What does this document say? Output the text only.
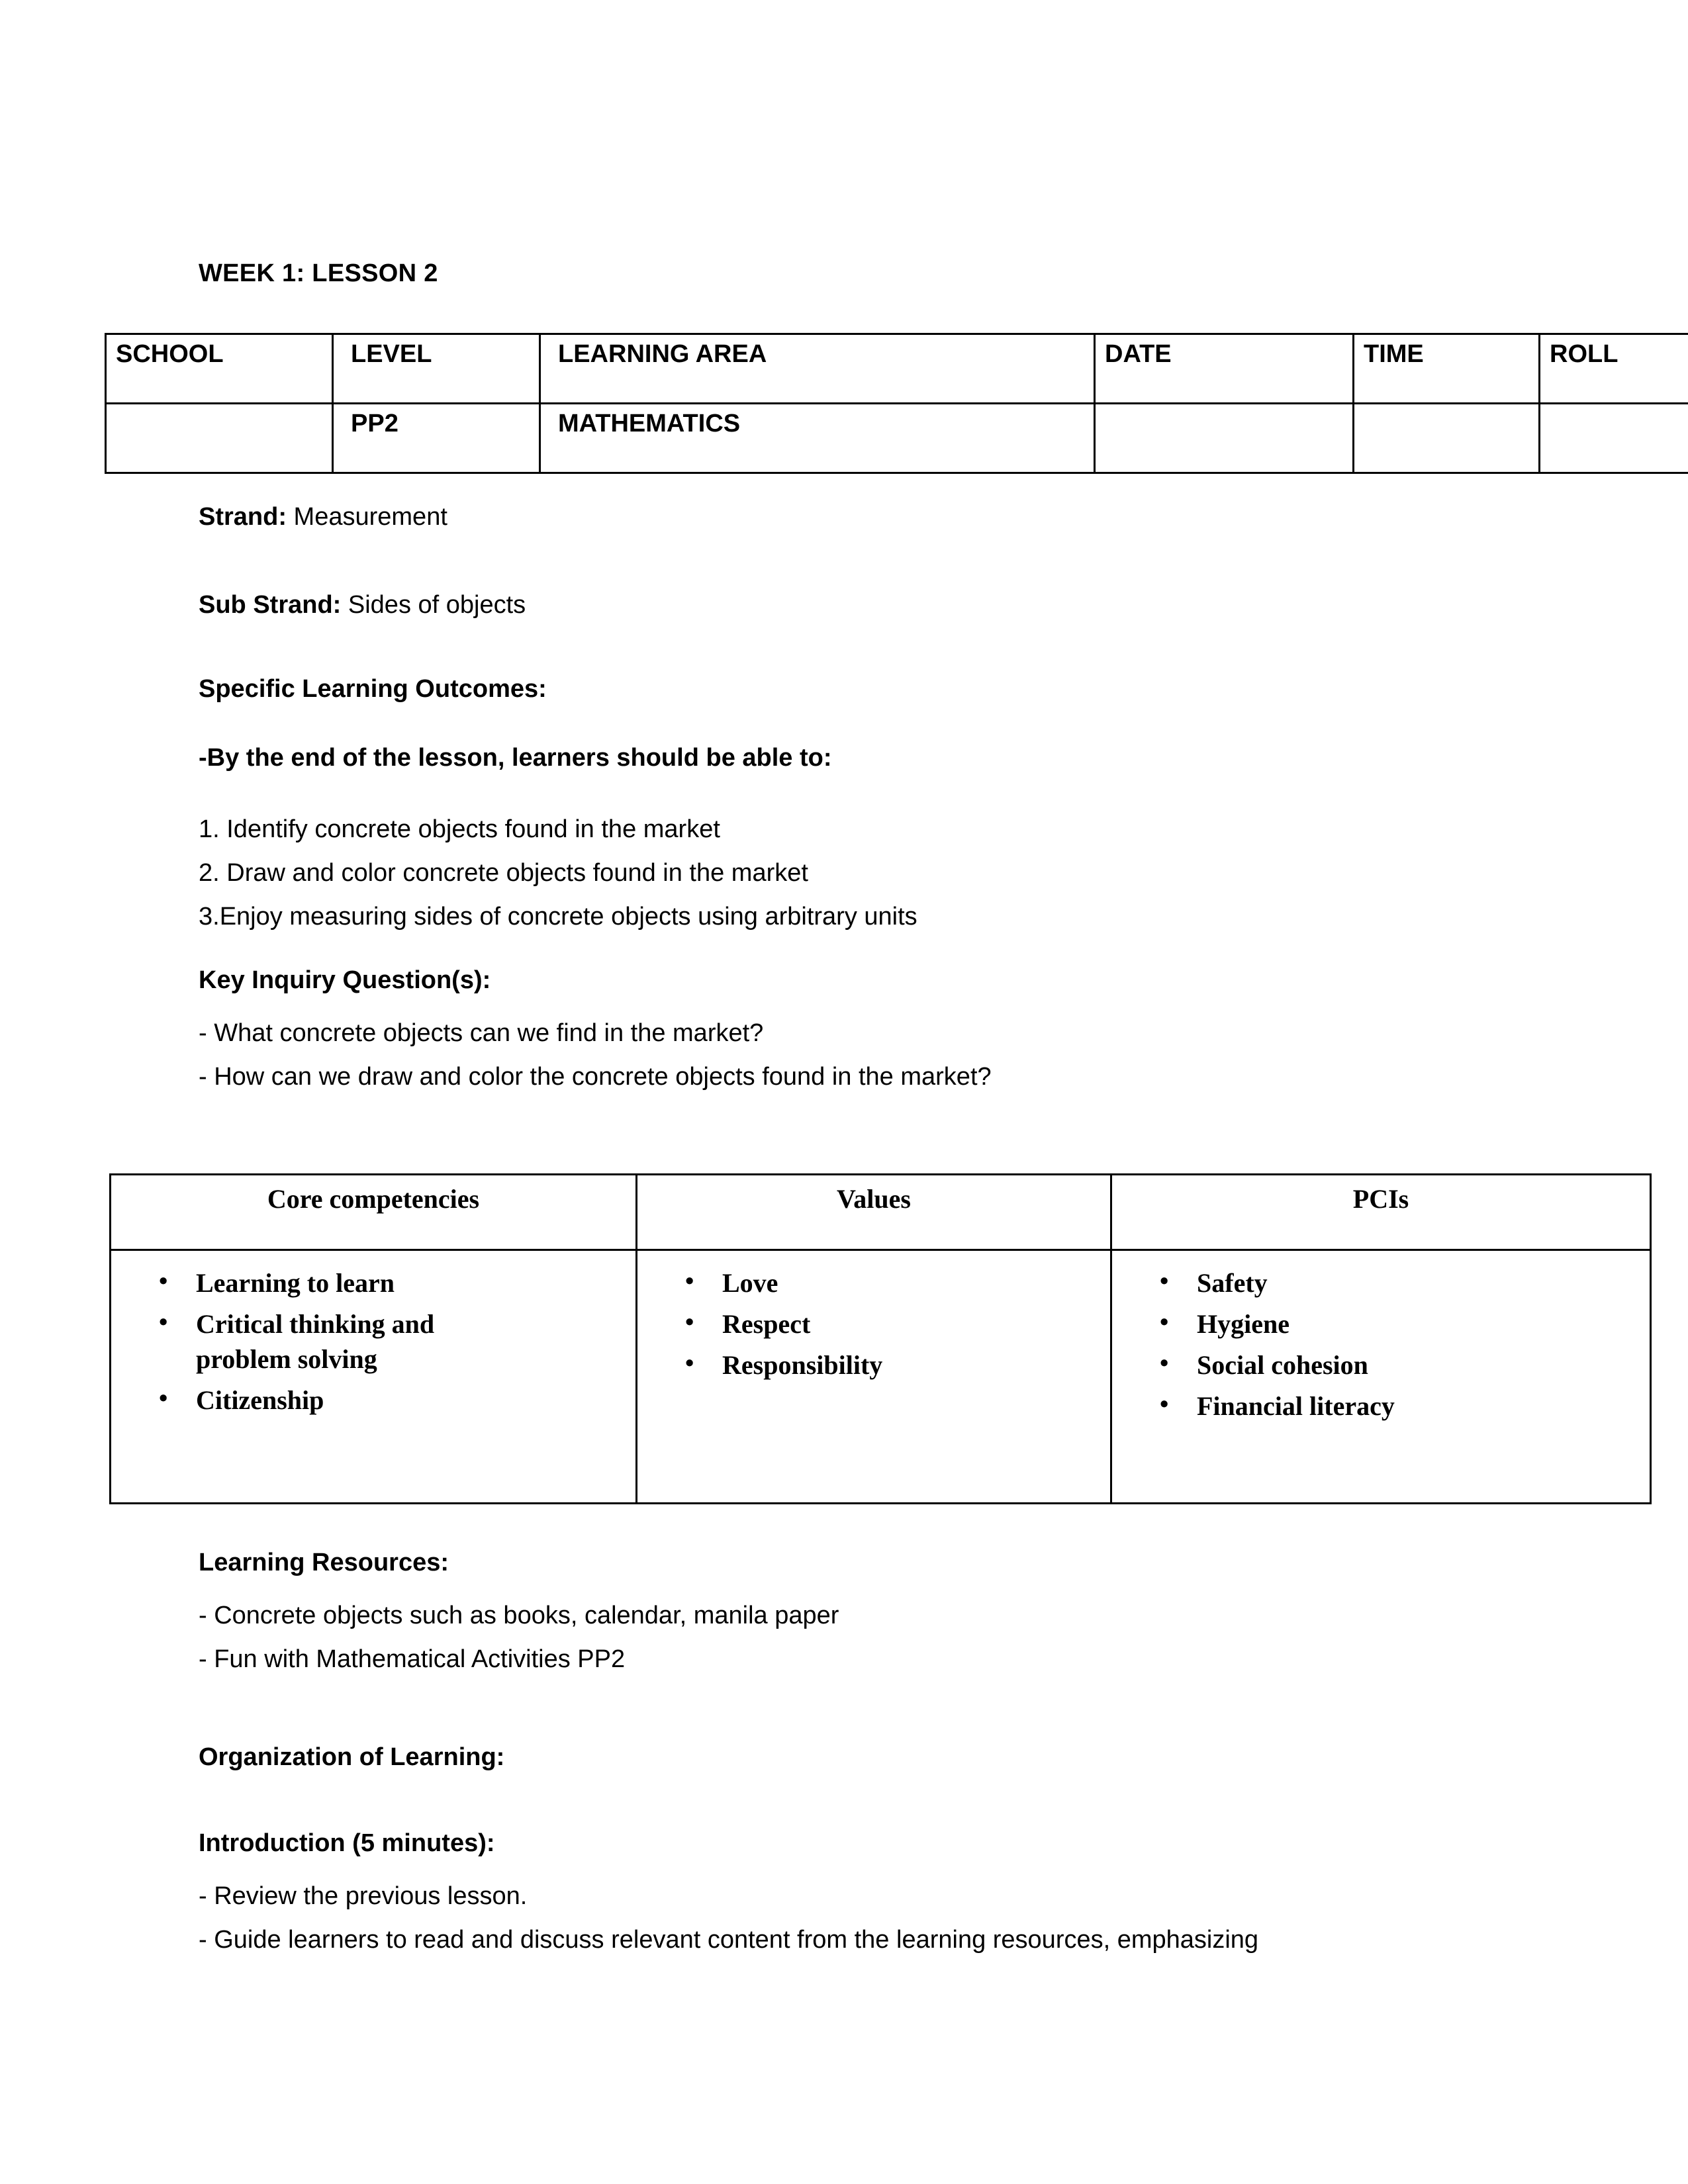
WEEK 1: LESSON 2
SCHOOL	LEVEL	LEARNING AREA	DATE	TIME	ROLL
	PP2	MATHEMATICS			
Strand: Measurement
Sub Strand: Sides of objects
Specific Learning Outcomes:
-By the end of the lesson, learners should be able to:
1. Identify concrete objects found in the market
2. Draw and color concrete objects found in the market
3.Enjoy measuring sides of concrete objects using arbitrary units
Key Inquiry Question(s):
- What concrete objects can we find in the market?
- How can we draw and color the concrete objects found in the market?
Core competencies	Values	PCIs

• Learning to learn
• Critical thinking and problem solving
• Citizenship

• Love
• Respect
• Responsibility

• Safety
• Hygiene
• Social cohesion
• Financial literacy
Learning Resources:
- Concrete objects such as books, calendar, manila paper
- Fun with Mathematical Activities PP2
Organization of Learning:
Introduction (5 minutes):
- Review the previous lesson.
- Guide learners to read and discuss relevant content from the learning resources, emphasizing
